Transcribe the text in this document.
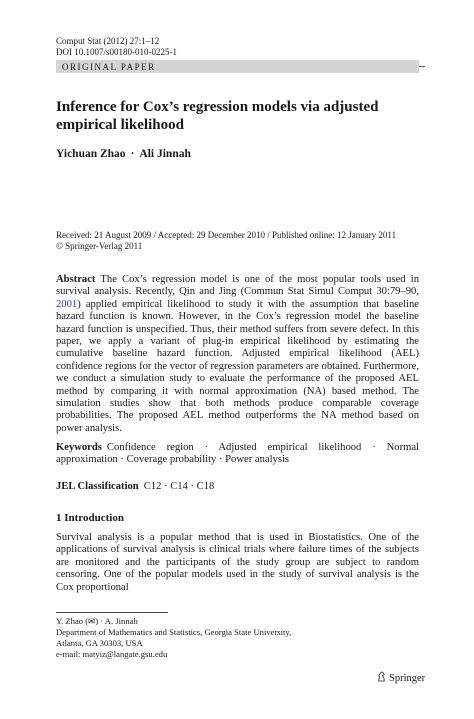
Comput Stat (2012) 27:1–12
DOI 10.1007/s00180-010-0225-1
ORIGINAL PAPER
Inference for Cox’s regression models via adjusted empirical likelihood
Yichuan Zhao · Ali Jinnah
Received: 21 August 2009 / Accepted: 29 December 2010 / Published online: 12 January 2011
© Springer-Verlag 2011
Abstract The Cox’s regression model is one of the most popular tools used in survival analysis. Recently, Qin and Jing (Commun Stat Simul Comput 30:79–90, 2001) applied empirical likelihood to study it with the assumption that baseline hazard function is known. However, in the Cox’s regression model the baseline hazard function is unspecified. Thus, their method suffers from severe defect. In this paper, we apply a variant of plug-in empirical likelihood by estimating the cumulative baseline hazard function. Adjusted empirical likelihood (AEL) confidence regions for the vector of regression parameters are obtained. Furthermore, we conduct a simulation study to evaluate the performance of the proposed AEL method by comparing it with normal approximation (NA) based method. The simulation studies show that both methods produce comparable coverage probabilities. The proposed AEL method outperforms the NA method based on power analysis.
Keywords Confidence region · Adjusted empirical likelihood · Normal approximation · Coverage probability · Power analysis
JEL Classification C12 · C14 · C18
1 Introduction
Survival analysis is a popular method that is used in Biostatistics. One of the applications of survival analysis is clinical trials where failure times of the subjects are monitored and the participants of the study group are subject to random censoring. One of the popular models used in the study of survival analysis is the Cox proportional
Y. Zhao (✉) · A. Jinnah
Department of Mathematics and Statistics, Georgia State University,
Atlanta, GA 30303, USA
e-mail: matyiz@langate.gsu.edu
Springer
